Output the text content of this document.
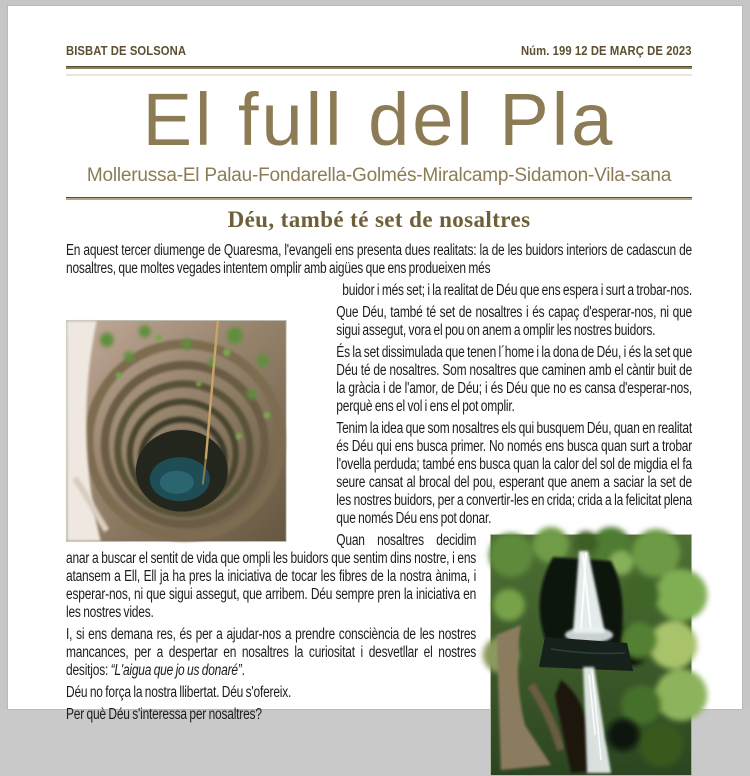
BISBAT DE SOLSONA	Núm. 199 12 DE MARÇ DE 2023
El full del Pla
Mollerussa-El Palau-Fondarella-Golmés-Miralcamp-Sidamon-Vila-sana
Déu, també té set de nosaltres

En aquest tercer diumenge de Quaresma, l'evangeli ens presenta dues realitats: la de les buidors interiors de cadascun de nosaltres, que moltes vegades intentem omplir amb aigües que ens produeixen més

buidor i més set; i la realitat de Déu que ens espera i surt a trobar-nos.

Que Déu, també té set de nosaltres i és capaç d'esperar-nos, ni que sigui assegut, vora el pou on anem a omplir les nostres buidors.

És la set dissimulada que tenen l´home i la dona de Déu, i és la set que Déu té de nosaltres. Som nosaltres que caminen amb el càntir buit de la gràcia i de l'amor, de Déu; i és Déu que no es cansa d'esperar-nos, perquè ens el vol i ens el pot omplir.

Tenim la idea que som nosaltres els qui busquem Déu, quan en realitat és Déu qui ens busca primer. No només ens busca quan surt a trobar l'ovella perduda; també ens busca quan la calor del sol de migdia el fa seure cansat al brocal del pou, esperant que anem a saciar la set de les nostres buidors, per a convertir-les en crida; crida a la felicitat plena que només Déu ens pot donar.

Quan nosaltres decidim anar a buscar el sentit de vida que ompli les buidors que sentim dins nostre, i ens atansem a Ell, Ell ja ha pres la iniciativa de tocar les fibres de la nostra ànima, i esperar-nos, ni que sigui assegut, que arribem. Déu sempre pren la iniciativa en les nostres vides.

I, si ens demana res, és per a ajudar-nos a prendre consciència de les nostres mancances, per a despertar en nosaltres la curiositat i desvetllar el nostres desitjos: “L'aigua que jo us donaré”.

Déu no força la nostra llibertat. Déu s'ofereix.

Per què Déu s'interessa per nosaltres?
